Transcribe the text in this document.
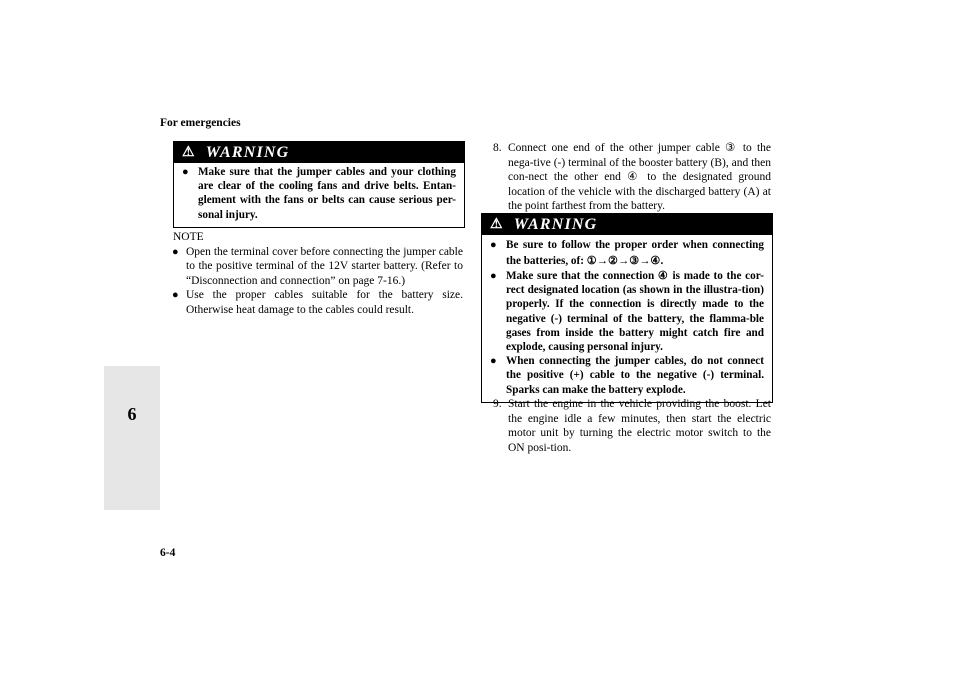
For emergencies
6
6-4
⚠ WARNING
● Make sure that the jumper cables and your clothing are clear of the cooling fans and drive belts. Entan-glement with the fans or belts can cause serious per-sonal injury.
NOTE
● Open the terminal cover before connecting the jumper cable to the positive terminal of the 12V starter battery. (Refer to “Disconnection and connection” on page 7-16.)
● Use the proper cables suitable for the battery size. Otherwise heat damage to the cables could result.
8. Connect one end of the other jumper cable ③ to the nega-tive (-) terminal of the booster battery (B), and then con-nect the other end ④ to the designated ground location of the vehicle with the discharged battery (A) at the point farthest from the battery.
⚠ WARNING
● Be sure to follow the proper order when connecting the batteries, of: ①→②→③→④.
● Make sure that the connection ④ is made to the cor-rect designated location (as shown in the illustra-tion) properly. If the connection is directly made to the negative (-) terminal of the battery, the flamma-ble gases from inside the battery might catch fire and explode, causing personal injury.
● When connecting the jumper cables, do not connect the positive (+) cable to the negative (-) terminal. Sparks can make the battery explode.
9. Start the engine in the vehicle providing the boost. Let the engine idle a few minutes, then start the electric motor unit by turning the electric motor switch to the ON posi-tion.
